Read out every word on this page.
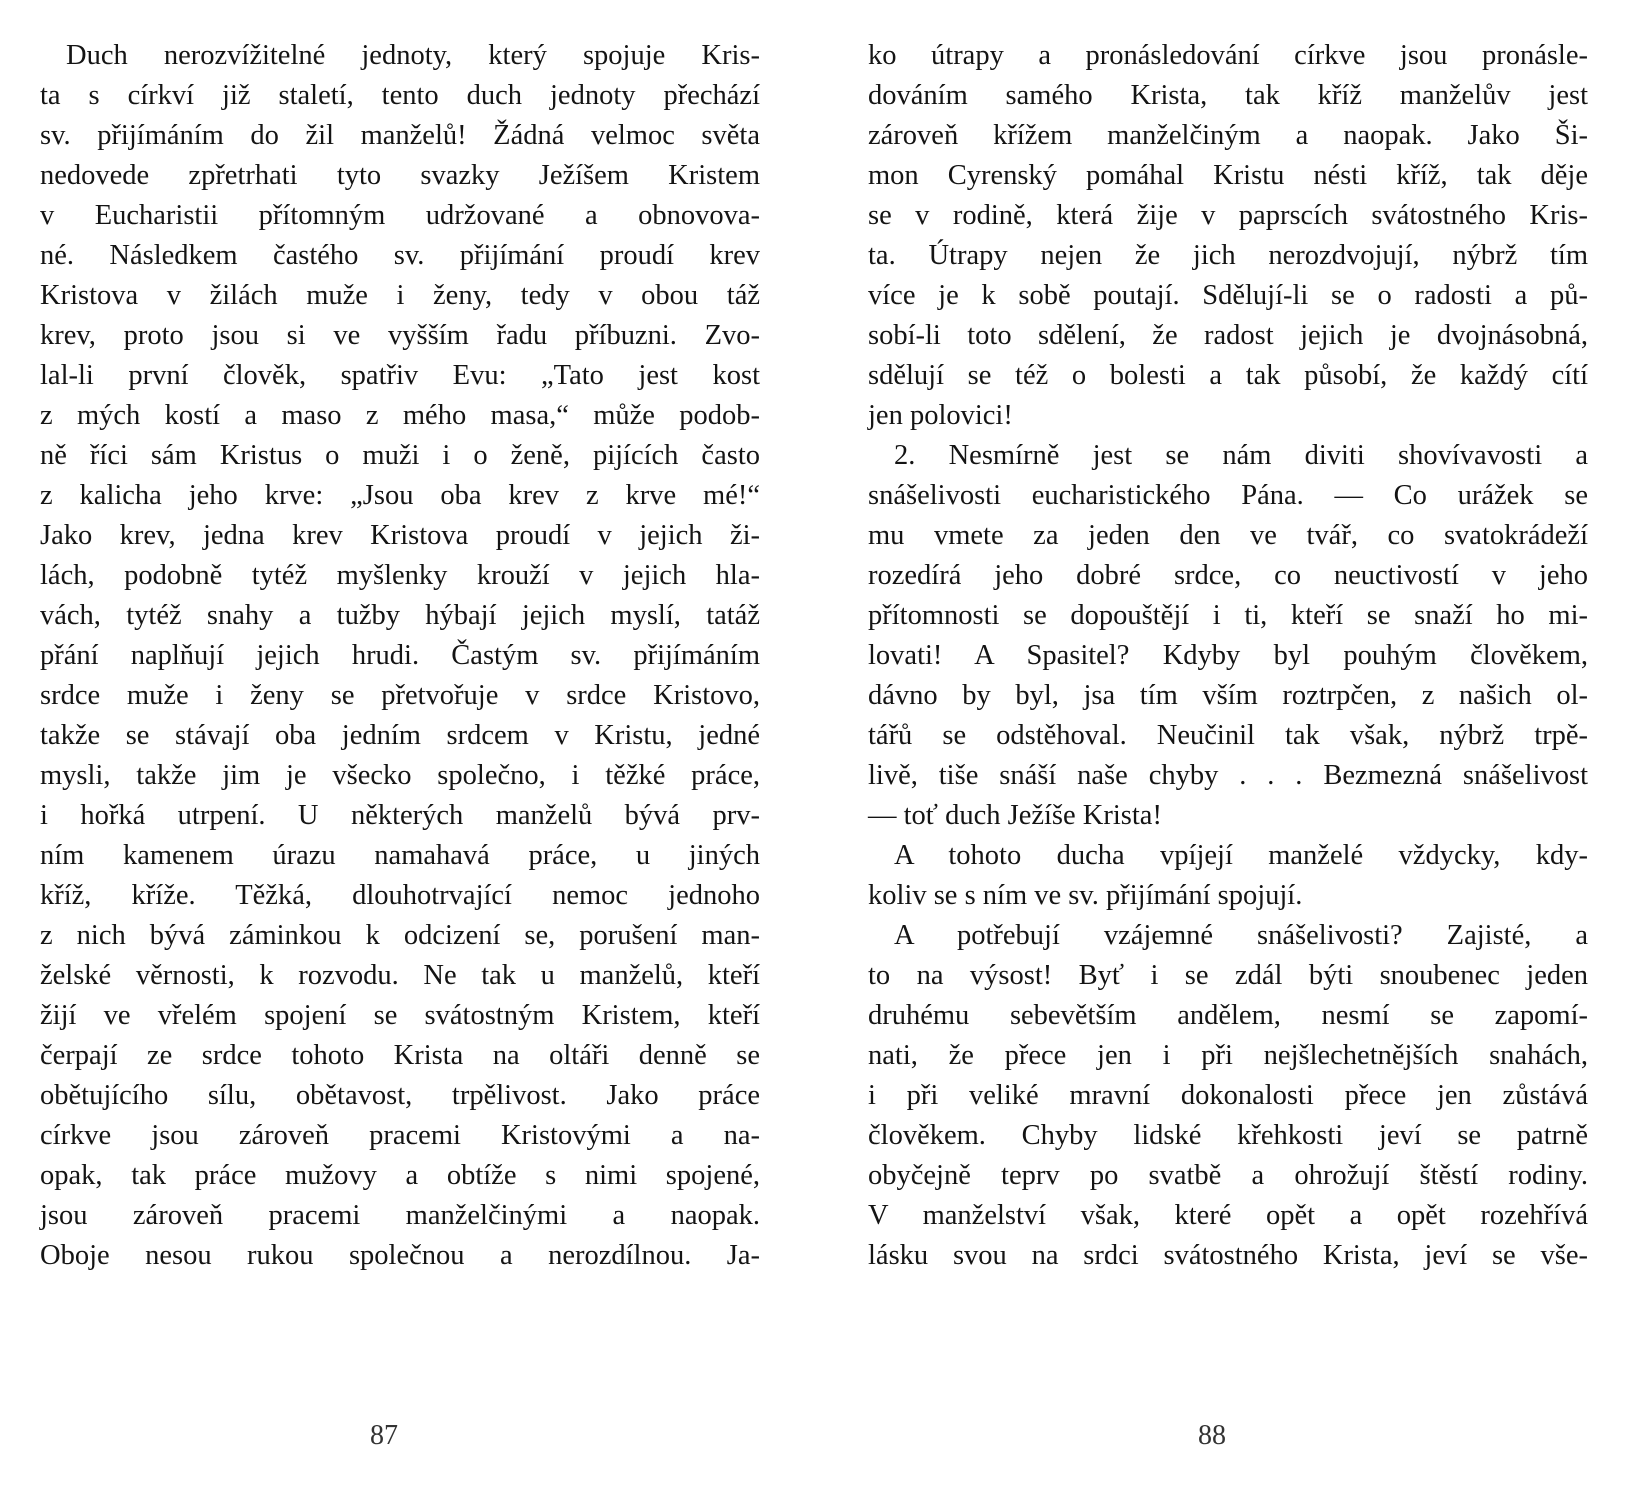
Duch nerozvížitelné jednoty, který spojuje Kris-
ta s církví již staletí, tento duch jednoty přechází
sv. přijímáním do žil manželů! Žádná velmoc světa
nedovede zpřetrhati tyto svazky Ježíšem Kristem
v Eucharistii přítomným udržované a obnovova-
né. Následkem častého sv. přijímání proudí krev
Kristova v žilách muže i ženy, tedy v obou táž
krev, proto jsou si ve vyšším řadu příbuzni. Zvo-
lal-li první člověk, spatřiv Evu: „Tato jest kost
z mých kostí a maso z mého masa,“ může podob-
ně říci sám Kristus o muži i o ženě, pijících často
z kalicha jeho krve: „Jsou oba krev z krve mé!“
Jako krev, jedna krev Kristova proudí v jejich ži-
lách, podobně tytéž myšlenky krouží v jejich hla-
vách, tytéž snahy a tužby hýbají jejich myslí, tatáž
přání naplňují jejich hrudi. Častým sv. přijímáním
srdce muže i ženy se přetvořuje v srdce Kristovo,
takže se stávají oba jedním srdcem v Kristu, jedné
mysli, takže jim je všecko společno, i těžké práce,
i hořká utrpení. U některých manželů bývá prv-
ním kamenem úrazu namahavá práce, u jiných
kříž, kříže. Těžká, dlouhotrvající nemoc jednoho
z nich bývá záminkou k odcizení se, porušení man-
želské věrnosti, k rozvodu. Ne tak u manželů, kteří
žijí ve vřelém spojení se svátostným Kristem, kteří
čerpají ze srdce tohoto Krista na oltáři denně se
obětujícího sílu, obětavost, trpělivost. Jako práce
církve jsou zároveň pracemi Kristovými a na-
opak, tak práce mužovy a obtíže s nimi spojené,
jsou zároveň pracemi manželčinými a naopak.
Oboje nesou rukou společnou a nerozdílnou. Ja-
ko útrapy a pronásledování církve jsou pronásle-
dováním samého Krista, tak kříž manželův jest
zároveň křížem manželčiným a naopak. Jako Ši-
mon Cyrenský pomáhal Kristu nésti kříž, tak děje
se v rodině, která žije v paprscích svátostného Kris-
ta. Útrapy nejen že jich nerozdvojují, nýbrž tím
více je k sobě poutají. Sdělují-li se o radosti a pů-
sobí-li toto sdělení, že radost jejich je dvojnásobná,
sdělují se též o bolesti a tak působí, že každý cítí
jen polovici!
2. Nesmírně jest se nám diviti shovívavosti a
snášelivosti eucharistického Pána. — Co urážek se
mu vmete za jeden den ve tvář, co svatokrádeží
rozedírá jeho dobré srdce, co neuctivostí v jeho
přítomnosti se dopouštějí i ti, kteří se snaží ho mi-
lovati! A Spasitel? Kdyby byl pouhým člověkem,
dávno by byl, jsa tím vším roztrpčen, z našich ol-
tářů se odstěhoval. Neučinil tak však, nýbrž trpě-
livě, tiše snáší naše chyby . . . Bezmezná snášelivost
— toť duch Ježíše Krista!
A tohoto ducha vpíjejí manželé vždycky, kdy-
koliv se s ním ve sv. přijímání spojují.
A potřebují vzájemné snášelivosti? Zajisté, a
to na výsost! Byť i se zdál býti snoubenec jeden
druhému sebevětším andělem, nesmí se zapomí-
nati, že přece jen i při nejšlechetnějších snahách,
i při veliké mravní dokonalosti přece jen zůstává
člověkem. Chyby lidské křehkosti jeví se patrně
obyčejně teprv po svatbě a ohrožují štěstí rodiny.
V manželství však, které opět a opět rozehřívá
lásku svou na srdci svátostného Krista, jeví se vše-
87	88
